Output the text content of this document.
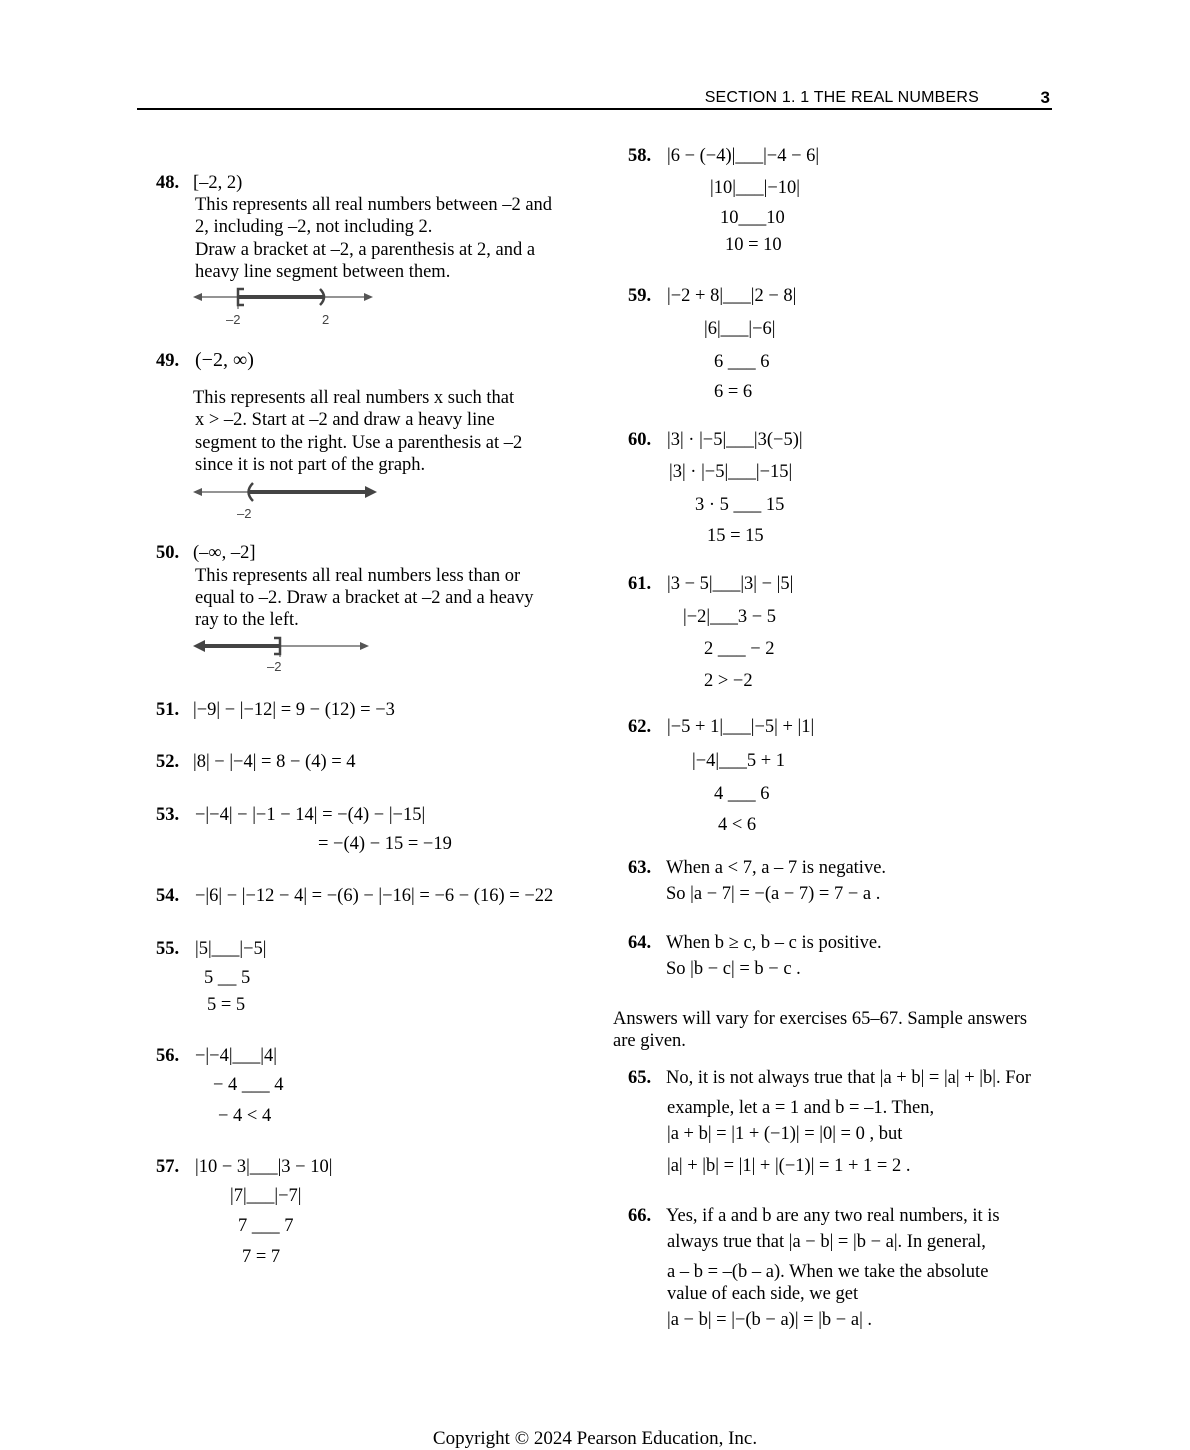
SECTION 1. 1 THE REAL NUMBERS	3
48. [–2, 2)
This represents all real numbers between –2 and
2, including –2, not including 2.
Draw a bracket at –2, a parenthesis at 2, and a
heavy line segment between them.
–2	2
49. (−2, ∞)
This represents all real numbers x such that
x > –2. Start at –2 and draw a heavy line
segment to the right. Use a parenthesis at –2
since it is not part of the graph.
–2
50. (–∞, –2]
This represents all real numbers less than or
equal to –2. Draw a bracket at –2 and a heavy
ray to the left.
–2
51. |−9| − |−12| = 9 − (12) = −3
52. |8| − |−4| = 8 − (4) = 4
53. −|−4| − |−1 − 14| = −(4) − |−15|
= −(4) − 15 = −19
54. −|6| − |−12 − 4| = −(6) − |−16| = −6 − (16) = −22
55. |5|___|−5|
5 __ 5
5 = 5
56. −|−4|___|4|
− 4 ___ 4
− 4 < 4
57. |10 − 3|___|3 − 10|
|7|___|−7|
7 ___ 7
7 = 7
58. |6 − (−4)|___|−4 − 6|
|10|___|−10|
10___10
10 = 10
59. |−2 + 8|___|2 − 8|
|6|___|−6|
6 ___ 6
6 = 6
60. |3| · |−5|___|3(−5)|
|3| · |−5|___|−15|
3 · 5 ___ 15
15 = 15
61. |3 − 5|___|3| − |5|
|−2|___3 − 5
2 ___ − 2
2 > −2
62. |−5 + 1|___|−5| + |1|
|−4|___5 + 1
4 ___ 6
4 < 6
63. When a < 7, a – 7 is negative.
So |a − 7| = −(a − 7) = 7 − a .
64. When b ≥ c, b – c is positive.
So |b − c| = b − c .
Answers will vary for exercises 65–67. Sample answers
are given.
65. No, it is not always true that |a + b| = |a| + |b|. For
example, let a = 1 and b = –1. Then,
|a + b| = |1 + (−1)| = |0| = 0 , but
|a| + |b| = |1| + |(−1)| = 1 + 1 = 2 .
66. Yes, if a and b are any two real numbers, it is
always true that |a − b| = |b − a|. In general,
a – b = –(b – a). When we take the absolute
value of each side, we get
|a − b| = |−(b − a)| = |b − a| .
Copyright © 2024 Pearson Education, Inc.
